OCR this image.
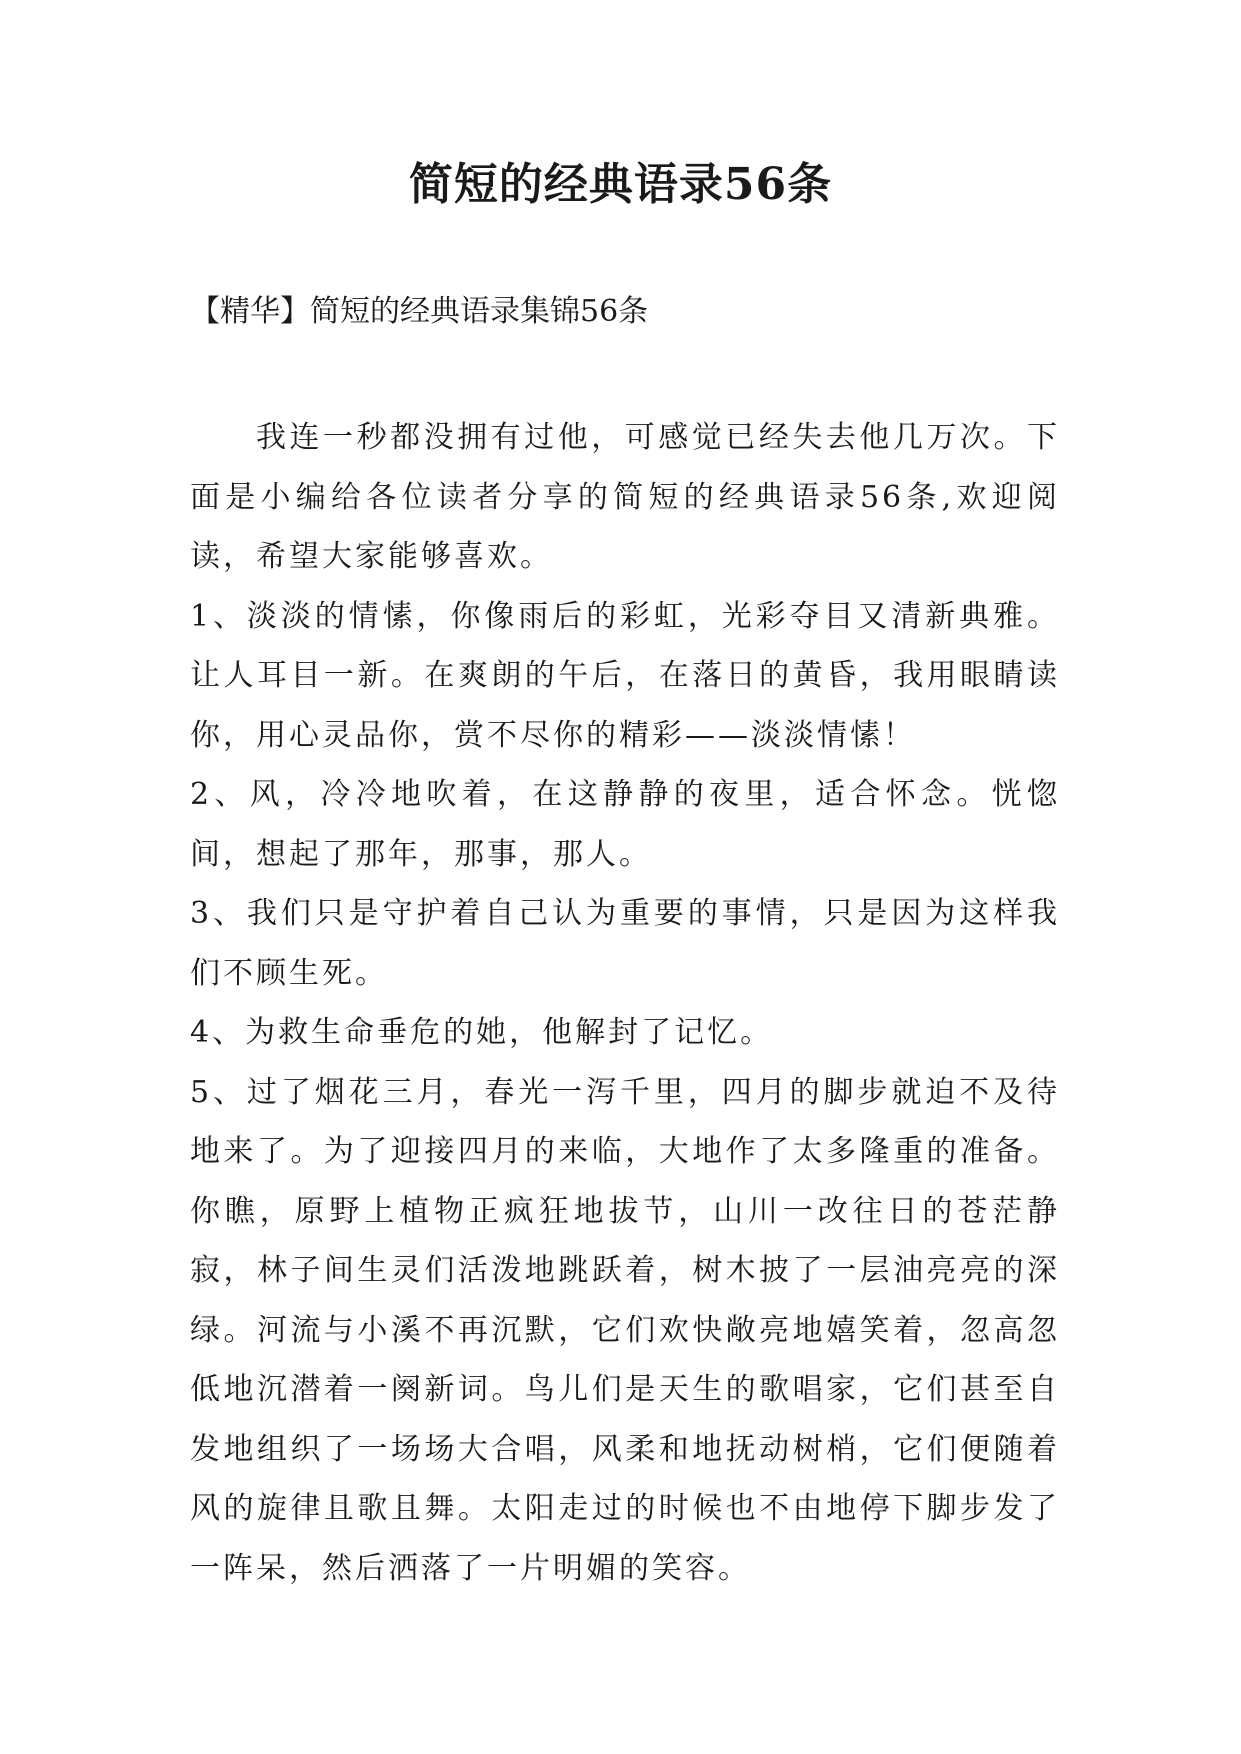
简短的经典语录56条

【精华】简短的经典语录集锦56条

我连一秒都没拥有过他，可感觉已经失去他几万次。下面是小编给各位读者分享的简短的经典语录56条,欢迎阅读，希望大家能够喜欢。

1、淡淡的情愫，你像雨后的彩虹，光彩夺目又清新典雅。让人耳目一新。在爽朗的午后，在落日的黄昏，我用眼睛读你，用心灵品你，赏不尽你的精彩——淡淡情愫！

2、风，冷冷地吹着，在这静静的夜里，适合怀念。恍惚间，想起了那年，那事，那人。

3、我们只是守护着自己认为重要的事情，只是因为这样我们不顾生死。

4、为救生命垂危的她，他解封了记忆。

5、过了烟花三月，春光一泻千里，四月的脚步就迫不及待地来了。为了迎接四月的来临，大地作了太多隆重的准备。你瞧，原野上植物正疯狂地拔节，山川一改往日的苍茫静寂，林子间生灵们活泼地跳跃着，树木披了一层油亮亮的深绿。河流与小溪不再沉默，它们欢快敞亮地嬉笑着，忽高忽低地沉潜着一阕新词。鸟儿们是天生的歌唱家，它们甚至自发地组织了一场场大合唱，风柔和地抚动树梢，它们便随着风的旋律且歌且舞。太阳走过的时候也不由地停下脚步发了一阵呆，然后洒落了一片明媚的笑容。
